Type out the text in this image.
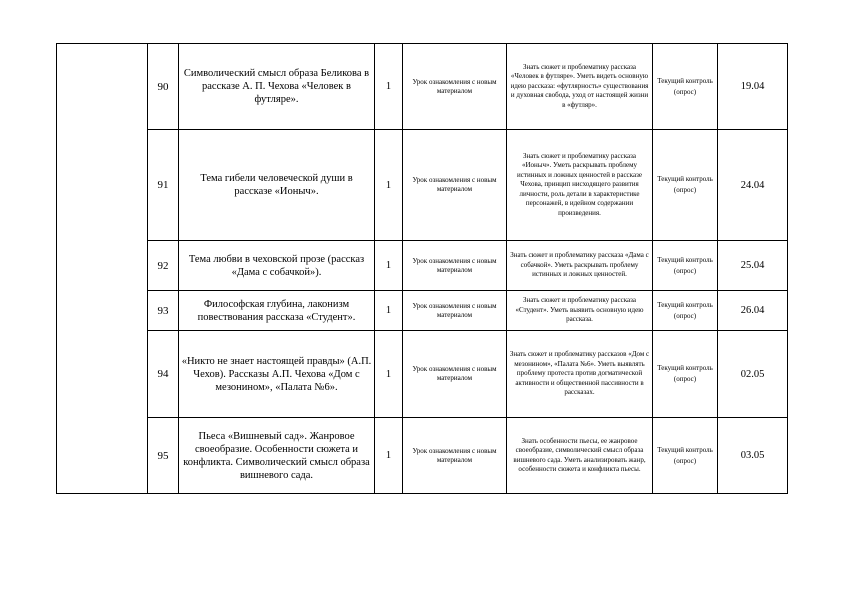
	90	Символический смысл образа Беликова в рассказе А. П. Чехова «Человек в футляре».	1	Урок ознакомления с новым материалом	Знать сюжет и проблематику рассказа «Человек в футляре». Уметь видеть основную идею рассказа: «футлярность» существования и духовная свобода, уход от настоящей жизни в «футляр».	Текущий контроль (опрос)	19.04
	91	Тема гибели человеческой души в рассказе «Ионыч».	1	Урок ознакомления с новым материалом	Знать сюжет и проблематику рассказа «Ионыч». Уметь раскрывать проблему истинных и ложных ценностей в рассказе Чехова, принцип нисходящего развития личности, роль детали в характеристике персонажей, в идейном содержании произведения.	Текущий контроль (опрос)	24.04
	92	Тема любви в чеховской прозе (рассказ «Дама с собачкой»).	1	Урок ознакомления с новым материалом	Знать сюжет и проблематику рассказа «Дама с собачкой». Уметь раскрывать проблему истинных и ложных ценностей.	Текущий контроль (опрос)	25.04
	93	Философская глубина, лаконизм повествования рассказа «Студент».	1	Урок ознакомления с новым материалом	Знать сюжет и проблематику рассказа «Студент». Уметь выявить основную идею рассказа.	Текущий контроль (опрос)	26.04
	94	«Никто не знает настоящей правды» (А.П. Чехов). Рассказы А.П. Чехова «Дом с мезонином», «Палата №6».	1	Урок ознакомления с новым материалом	Знать сюжет и проблематику рассказов «Дом с мезонином», «Палата №6». Уметь выявлять проблему протеста против догматической активности и общественной пассивности в рассказах.	Текущий контроль (опрос)	02.05
	95	Пьеса «Вишневый сад». Жанровое своеобразие. Особенности сюжета и конфликта. Символический смысл образа вишневого сада.	1	Урок ознакомления с новым материалом	Знать особенности пьесы, ее жанровое своеобразие, символический смысл образа вишневого сада. Уметь анализировать жанр, особенности сюжета и конфликта пьесы.	Текущий контроль (опрос)	03.05
